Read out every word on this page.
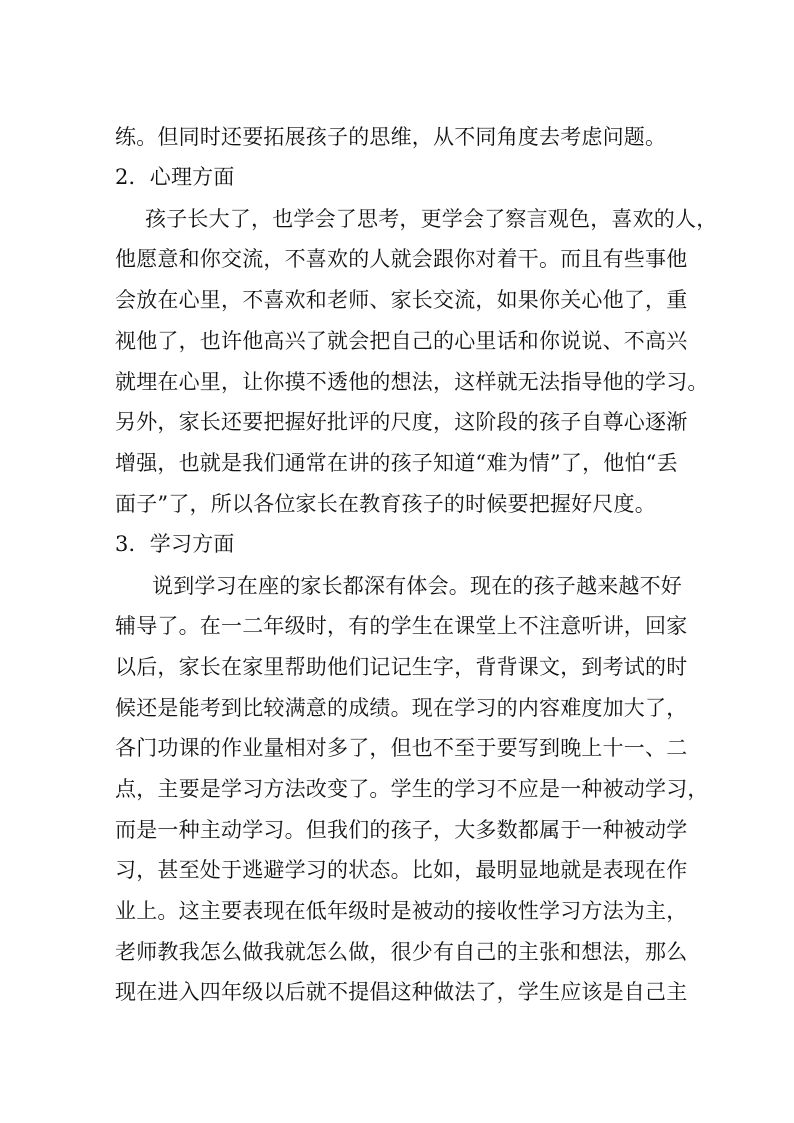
练。但同时还要拓展孩子的思维，从不同角度去考虑问题。
2．心理方面
孩子长大了，也学会了思考，更学会了察言观色，喜欢的人，
他愿意和你交流，不喜欢的人就会跟你对着干。而且有些事他
会放在心里，不喜欢和老师、家长交流，如果你关心他了，重
视他了，也许他高兴了就会把自己的心里话和你说说、不高兴
就埋在心里，让你摸不透他的想法，这样就无法指导他的学习。
另外，家长还要把握好批评的尺度，这阶段的孩子自尊心逐渐
增强，也就是我们通常在讲的孩子知道“难为情”了，他怕“丢
面子”了，所以各位家长在教育孩子的时候要把握好尺度。
3．学习方面
说到学习在座的家长都深有体会。现在的孩子越来越不好
辅导了。在一二年级时，有的学生在课堂上不注意听讲，回家
以后，家长在家里帮助他们记记生字，背背课文，到考试的时
候还是能考到比较满意的成绩。现在学习的内容难度加大了，
各门功课的作业量相对多了，但也不至于要写到晚上十一、二
点，主要是学习方法改变了。学生的学习不应是一种被动学习，
而是一种主动学习。但我们的孩子，大多数都属于一种被动学
习，甚至处于逃避学习的状态。比如，最明显地就是表现在作
业上。这主要表现在低年级时是被动的接收性学习方法为主，
老师教我怎么做我就怎么做，很少有自己的主张和想法，那么
现在进入四年级以后就不提倡这种做法了，学生应该是自己主
